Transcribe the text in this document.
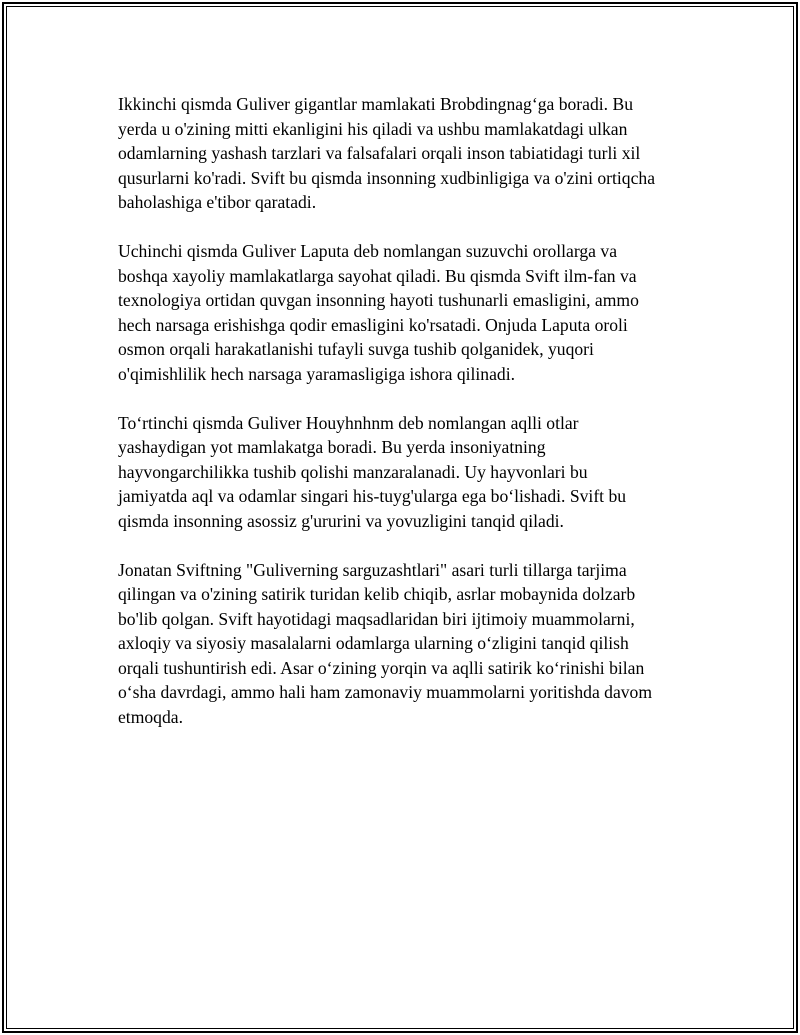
Ikkinchi qismda Guliver gigantlar mamlakati Brobdingnag‘ga boradi. Bu
yerda u o'zining mitti ekanligini his qiladi va ushbu mamlakatdagi ulkan
odamlarning yashash tarzlari va falsafalari orqali inson tabiatidagi turli xil
qusurlarni ko'radi. Svift bu qismda insonning xudbinligiga va o'zini ortiqcha
baholashiga e'tibor qaratadi.

Uchinchi qismda Guliver Laputa deb nomlangan suzuvchi orollarga va
boshqa xayoliy mamlakatlarga sayohat qiladi. Bu qismda Svift ilm-fan va
texnologiya ortidan quvgan insonning hayoti tushunarli emasligini, ammo
hech narsaga erishishga qodir emasligini ko'rsatadi. Onjuda Laputa oroli
osmon orqali harakatlanishi tufayli suvga tushib qolganidek, yuqori
o'qimishlilik hech narsaga yaramasligiga ishora qilinadi.

To‘rtinchi qismda Guliver Houyhnhnm deb nomlangan aqlli otlar
yashaydigan yot mamlakatga boradi. Bu yerda insoniyatning
hayvongarchilikka tushib qolishi manzaralanadi. Uy hayvonlari bu
jamiyatda aql va odamlar singari his-tuyg'ularga ega bo‘lishadi. Svift bu
qismda insonning asossiz g'ururini va yovuzligini tanqid qiladi.

Jonatan Sviftning "Guliverning sarguzashtlari" asari turli tillarga tarjima
qilingan va o'zining satirik turidan kelib chiqib, asrlar mobaynida dolzarb
bo'lib qolgan. Svift hayotidagi maqsadlaridan biri ijtimoiy muammolarni,
axloqiy va siyosiy masalalarni odamlarga ularning o‘zligini tanqid qilish
orqali tushuntirish edi. Asar o‘zining yorqin va aqlli satirik ko‘rinishi bilan
o‘sha davrdagi, ammo hali ham zamonaviy muammolarni yoritishda davom
etmoqda.
